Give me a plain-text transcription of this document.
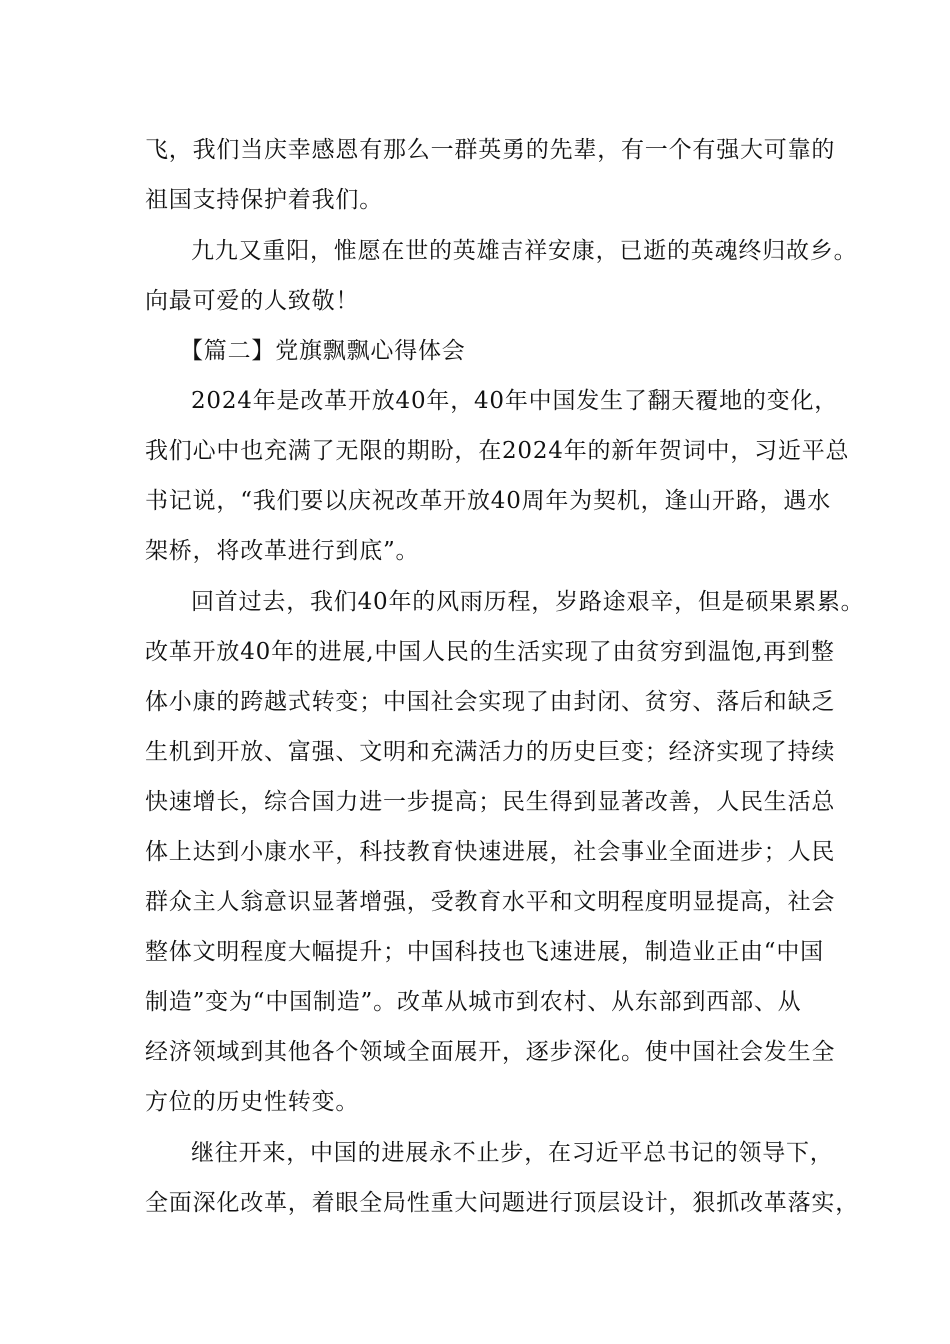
飞，我们当庆幸感恩有那么一群英勇的先辈，有一个有强大可靠的
祖国支持保护着我们。
九九又重阳，惟愿在世的英雄吉祥安康，已逝的英魂终归故乡。
向最可爱的人致敬！
【篇二】党旗飘飘心得体会
2024年是改革开放40年，40年中国发生了翻天覆地的变化，
我们心中也充满了无限的期盼，在2024年的新年贺词中，习近平总
书记说，“我们要以庆祝改革开放40周年为契机，逢山开路，遇水
架桥，将改革进行到底”。
回首过去，我们40年的风雨历程，岁路途艰辛，但是硕果累累。
改革开放40年的进展,中国人民的生活实现了由贫穷到温饱,再到整
体小康的跨越式转变；中国社会实现了由封闭、贫穷、落后和缺乏
生机到开放、富强、文明和充满活力的历史巨变；经济实现了持续
快速增长，综合国力进一步提高；民生得到显著改善，人民生活总
体上达到小康水平，科技教育快速进展，社会事业全面进步；人民
群众主人翁意识显著增强，受教育水平和文明程度明显提高，社会
整体文明程度大幅提升；中国科技也飞速进展，制造业正由“中国
制造”变为“中国制造”。改革从城市到农村、从东部到西部、从
经济领域到其他各个领域全面展开，逐步深化。使中国社会发生全
方位的历史性转变。
继往开来，中国的进展永不止步，在习近平总书记的领导下，
全面深化改革，着眼全局性重大问题进行顶层设计，狠抓改革落实，
